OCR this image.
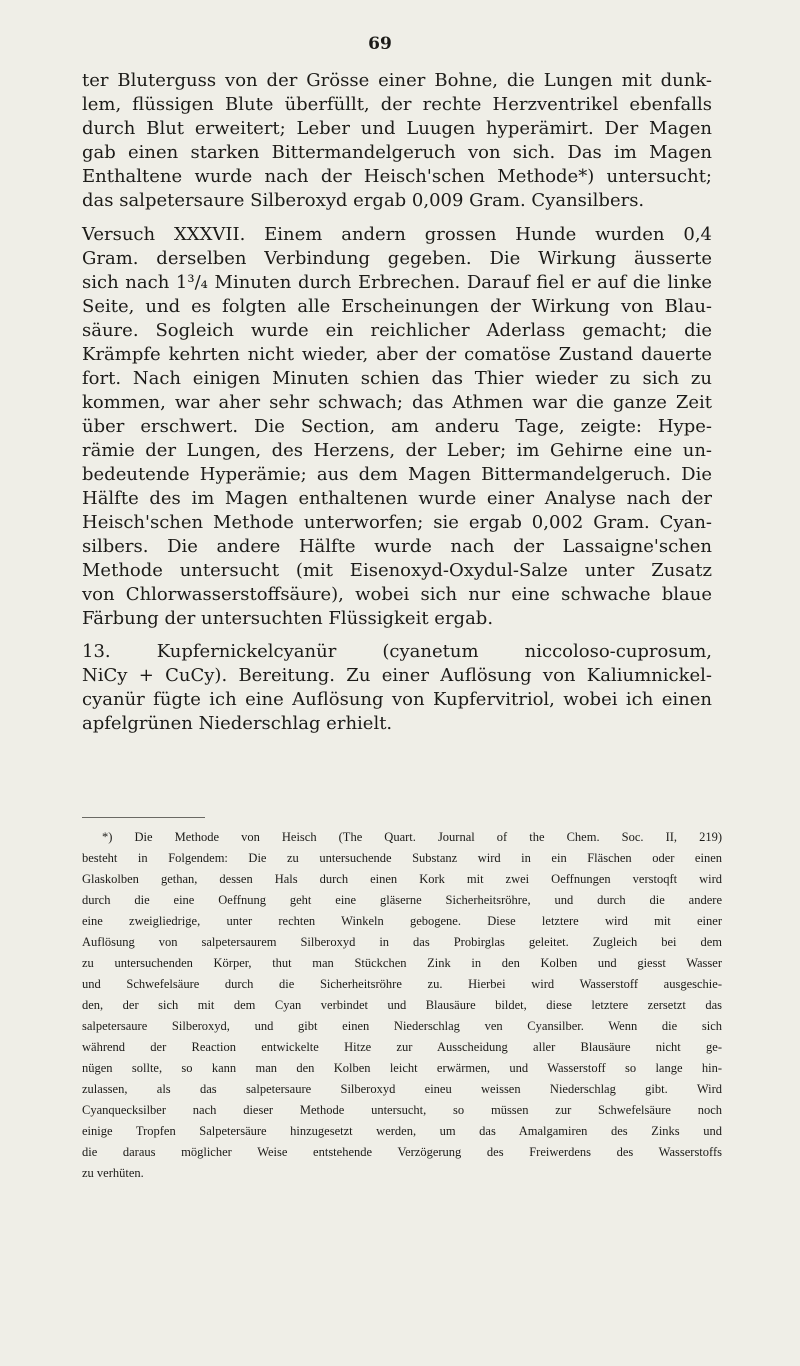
69
ter Bluterguss von der Grösse einer Bohne, die Lungen mit dunk-
lem, flüssigen Blute überfüllt, der rechte Herzventrikel ebenfalls
durch Blut erweitert; Leber und Luugen hyperämirt. Der Magen
gab einen starken Bittermandelgeruch von sich. Das im Magen
Enthaltene wurde nach der Heisch'schen Methode*) untersucht;
das salpetersaure Silberoxyd ergab 0,009 Gram. Cyansilbers.
Versuch XXXVII. Einem andern grossen Hunde wurden 0,4
Gram. derselben Verbindung gegeben. Die Wirkung äusserte
sich nach 1³/₄ Minuten durch Erbrechen. Darauf fiel er auf die linke
Seite, und es folgten alle Erscheinungen der Wirkung von Blau-
säure. Sogleich wurde ein reichlicher Aderlass gemacht; die
Krämpfe kehrten nicht wieder, aber der comatöse Zustand dauerte
fort. Nach einigen Minuten schien das Thier wieder zu sich zu
kommen, war aher sehr schwach; das Athmen war die ganze Zeit
über erschwert. Die Section, am anderu Tage, zeigte: Hype-
rämie der Lungen, des Herzens, der Leber; im Gehirne eine un-
bedeutende Hyperämie; aus dem Magen Bittermandelgeruch. Die
Hälfte des im Magen enthaltenen wurde einer Analyse nach der
Heisch'schen Methode unterworfen; sie ergab 0,002 Gram. Cyan-
silbers. Die andere Hälfte wurde nach der Lassaigne'schen
Methode untersucht (mit Eisenoxyd-Oxydul-Salze unter Zusatz
von Chlorwasserstoffsäure), wobei sich nur eine schwache blaue
Färbung der untersuchten Flüssigkeit ergab.
13. Kupfernickelcyanür (cyanetum niccoloso-cuprosum,
NiCy + CuCy). Bereitung. Zu einer Auflösung von Kaliumnickel-
cyanür fügte ich eine Auflösung von Kupfervitriol, wobei ich einen
apfelgrünen Niederschlag erhielt.
*) Die Methode von Heisch (The Quart. Journal of the Chem. Soc. II, 219)
besteht in Folgendem: Die zu untersuchende Substanz wird in ein Fläschen oder einen
Glaskolben gethan, dessen Hals durch einen Kork mit zwei Oeffnungen verstoqft wird
durch die eine Oeffnung geht eine gläserne Sicherheitsröhre, und durch die andere
eine zweigliedrige, unter rechten Winkeln gebogene. Diese letztere wird mit einer
Auflösung von salpetersaurem Silberoxyd in das Probirglas geleitet. Zugleich bei dem
zu untersuchenden Körper, thut man Stückchen Zink in den Kolben und giesst Wasser
und Schwefelsäure durch die Sicherheitsröhre zu. Hierbei wird Wasserstoff ausgeschie-
den, der sich mit dem Cyan verbindet und Blausäure bildet, diese letztere zersetzt das
salpetersaure Silberoxyd, und gibt einen Niederschlag ven Cyansilber. Wenn die sich
während der Reaction entwickelte Hitze zur Ausscheidung aller Blausäure nicht ge-
nügen sollte, so kann man den Kolben leicht erwärmen, und Wasserstoff so lange hin-
zulassen, als das salpetersaure Silberoxyd eineu weissen Niederschlag gibt. Wird
Cyanquecksilber nach dieser Methode untersucht, so müssen zur Schwefelsäure noch
einige Tropfen Salpetersäure hinzugesetzt werden, um das Amalgamiren des Zinks und
die daraus möglicher Weise entstehende Verzögerung des Freiwerdens des Wasserstoffs
zu verhüten.
